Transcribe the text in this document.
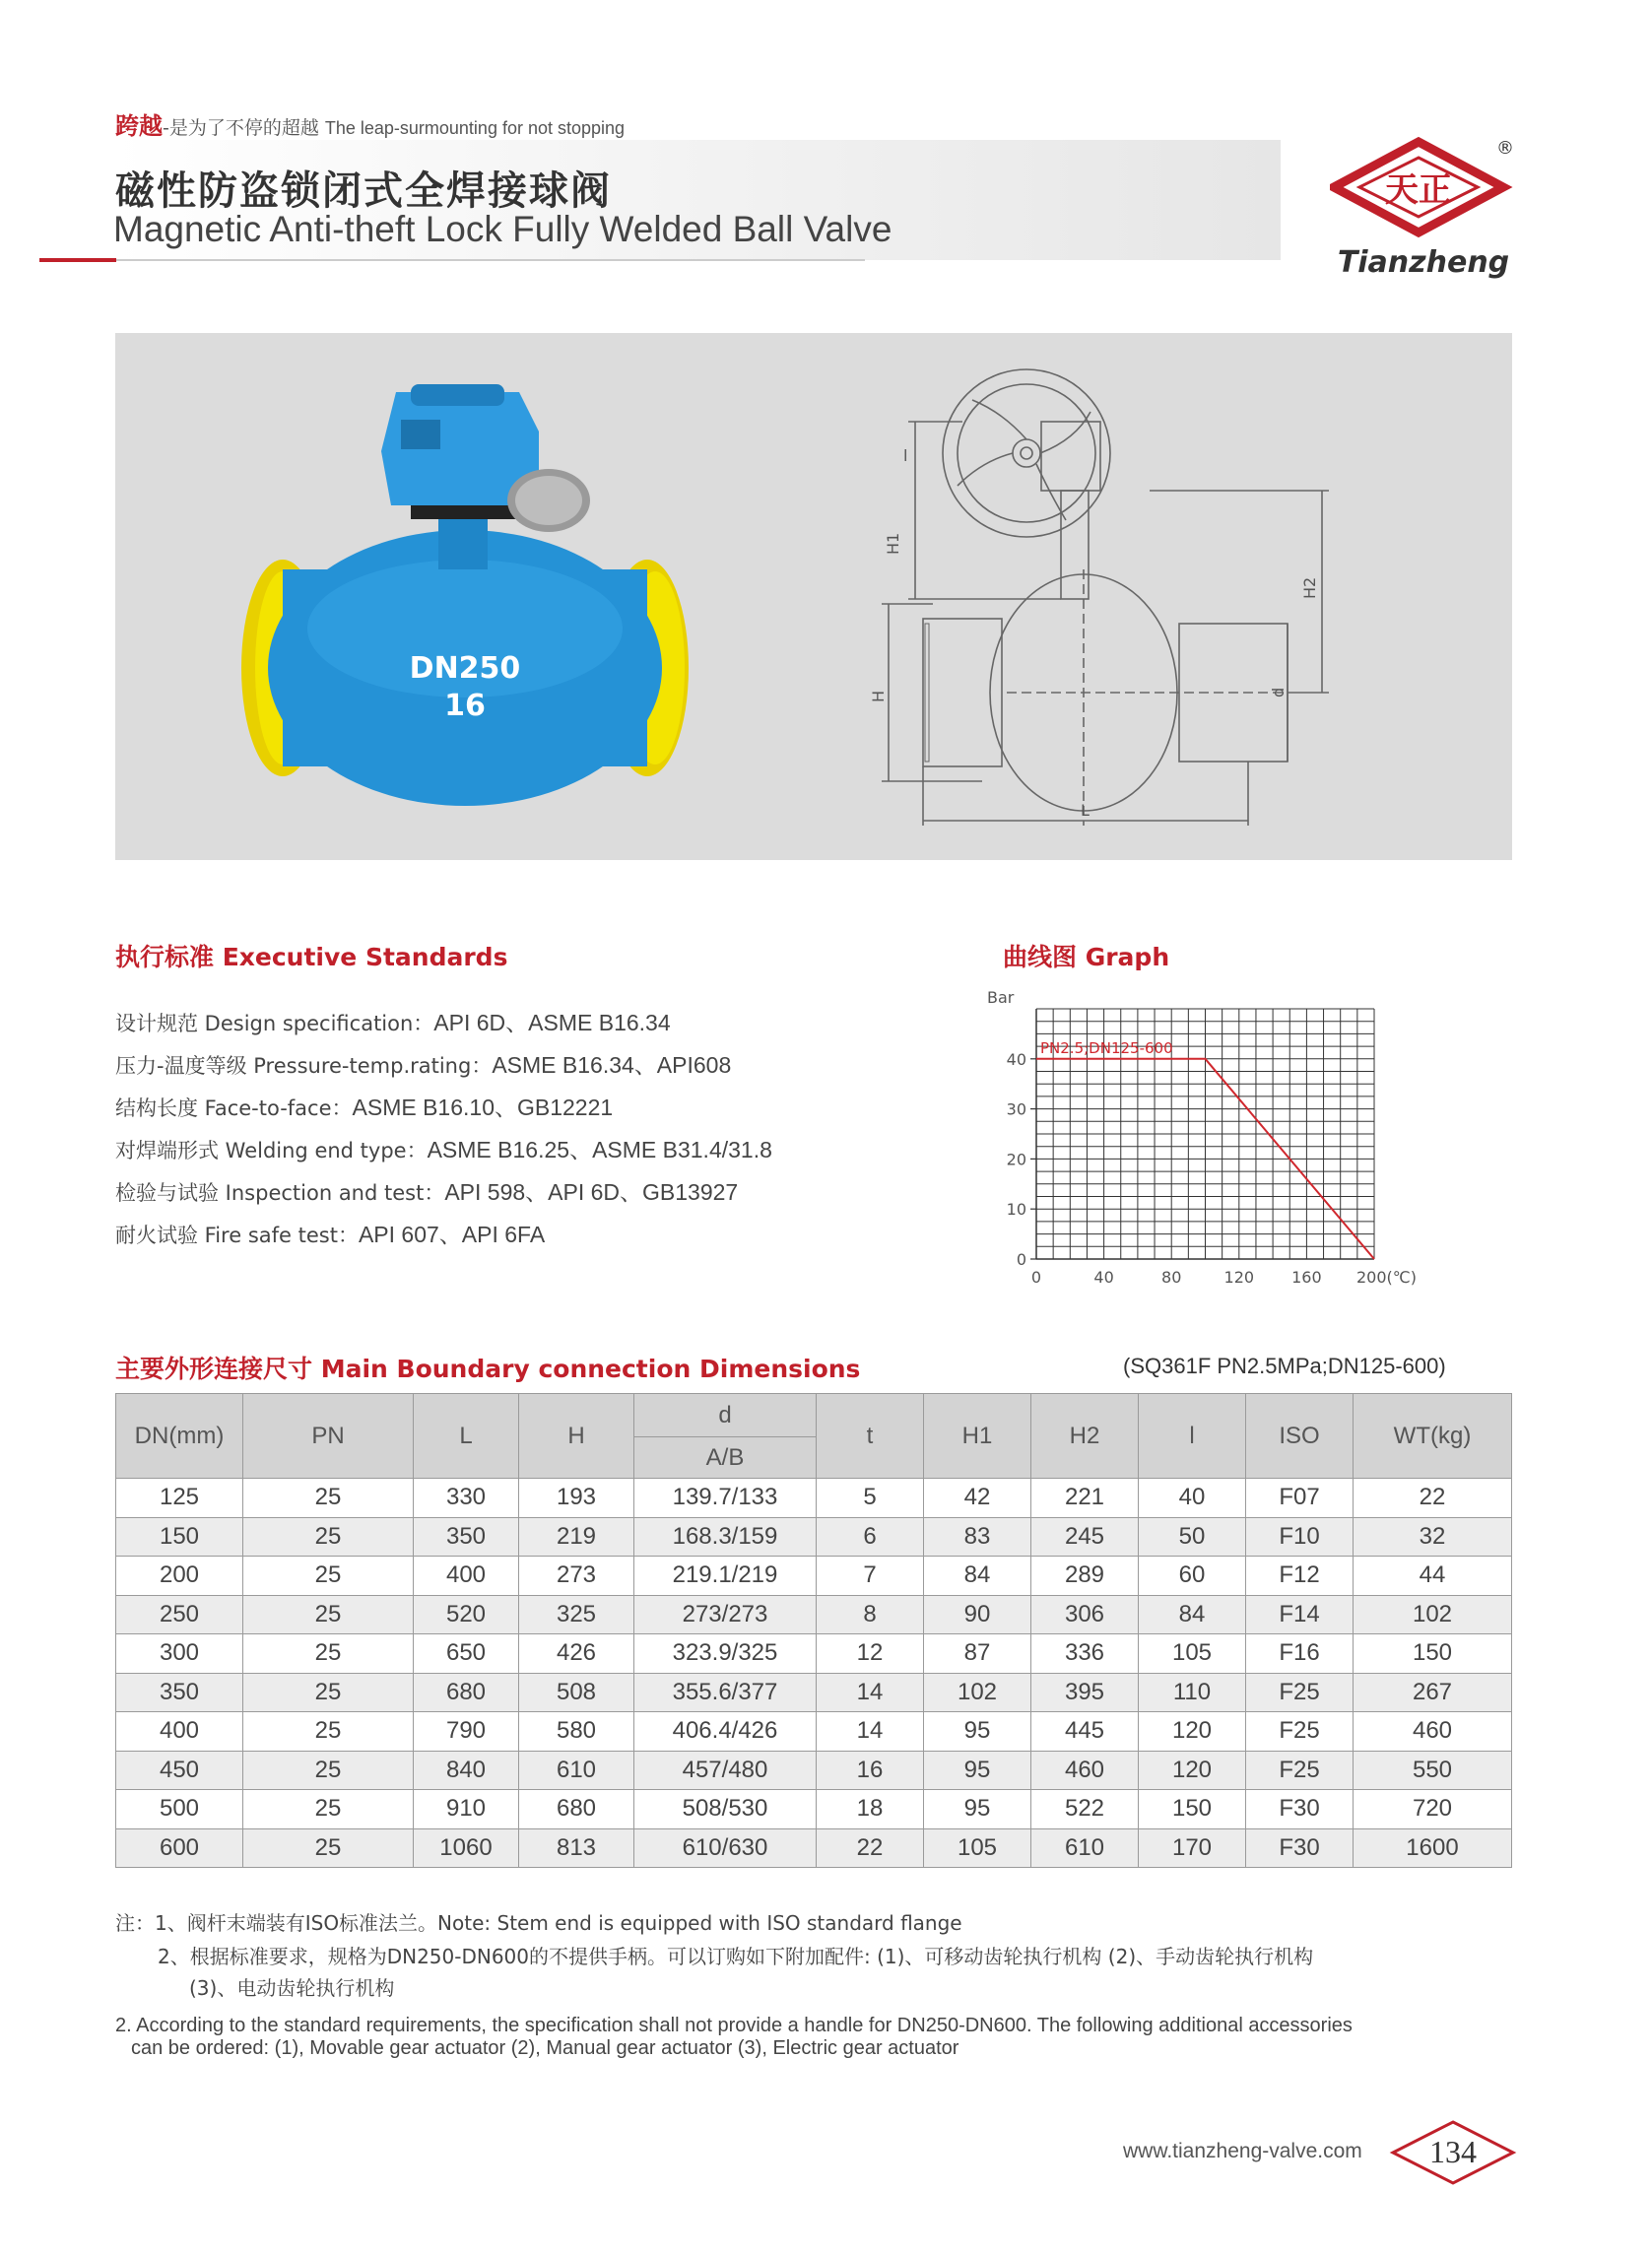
跨越-是为了不停的超越 The leap-surmounting for not stopping
磁性防盗锁闭式全焊接球阀
Magnetic Anti-theft Lock Fully Welded Ball Valve
天正
®
Tianzheng
DN250
16
l
H1
H2
H	d
L
执行标准 Executive Standards
设计规范 Design specification：API 6D、ASME B16.34
压力-温度等级 Pressure-temp.rating：ASME B16.34、API608
结构长度 Face-to-face：ASME B16.10、GB12221
对焊端形式 Welding end type：ASME B16.25、ASME B31.4/31.8
检验与试验 Inspection and test：API 598、API 6D、GB13927
耐火试验 Fire safe test：API 607、API 6FA
曲线图 Graph
0
10
20
30
40
0	40	80	120 160 200(℃)
Bar
PN2.5;DN125-600
主要外形连接尺寸 Main Boundary connection Dimensions	(SQ361F PN2.5MPa;DN125-600)
DN(mm)	PN	L	H	d	t	H1	H2	l	ISO	WT(kg)
				A/B						
125	25	330	193	139.7/133	5	42	221	40	F07	22
150	25	350	219	168.3/159	6	83	245	50	F10	32
200	25	400	273	219.1/219	7	84	289	60	F12	44
250	25	520	325	273/273	8	90	306	84	F14	102
300	25	650	426	323.9/325	12	87	336	105	F16	150
350	25	680	508	355.6/377	14	102	395	110	F25	267
400	25	790	580	406.4/426	14	95	445	120	F25	460
450	25	840	610	457/480	16	95	460	120	F25	550
500	25	910	680	508/530	18	95	522	150	F30	720
600	25	1060	813	610/630	22	105	610	170	F30	1600
注：1、阀杆末端装有ISO标准法兰。Note: Stem end is equipped with ISO standard flange
2、根据标准要求，规格为DN250-DN600的不提供手柄。可以订购如下附加配件: (1)、可移动齿轮执行机构 (2)、手动齿轮执行机构
(3)、电动齿轮执行机构
2. According to the standard requirements, the specification shall not provide a handle for DN250-DN600. The following additional accessories
can be ordered: (1), Movable gear actuator (2), Manual gear actuator (3), Electric gear actuator
www.tianzheng-valve.com 134
